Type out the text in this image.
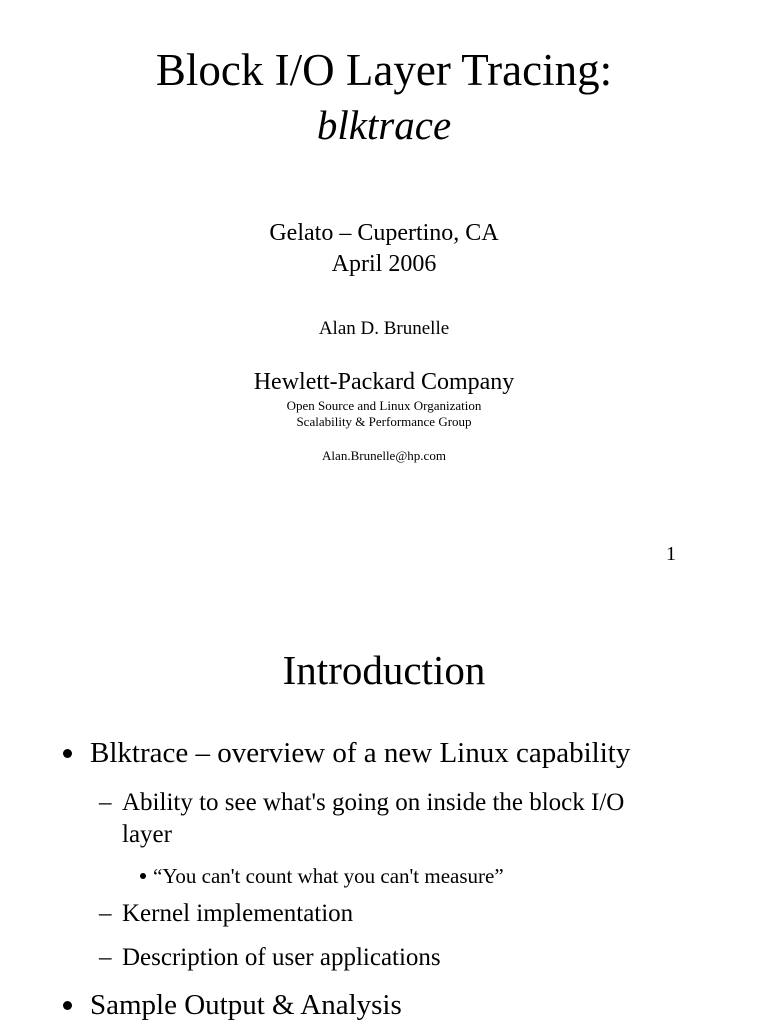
Block I/O Layer Tracing:
blktrace
Gelato – Cupertino, CA
April 2006
Alan D. Brunelle
Hewlett-Packard Company
Open Source and Linux Organization
Scalability & Performance Group
Alan.Brunelle@hp.com
1
Introduction
Blktrace – overview of a new Linux capability
– Ability to see what's going on inside the block I/O
layer
“You can't count what you can't measure”
– Kernel implementation
– Description of user applications
Sample Output & Analysis
